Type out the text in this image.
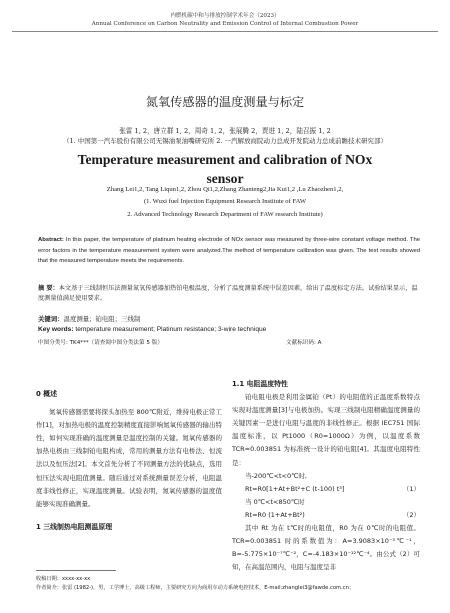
内燃机碳中和与排放控制学术年会（2023）
Annual Conference on Carbon Neutrality and Emission Control of Internal Combustion Power
氮氧传感器的温度测量与标定
张雷 1, 2，唐立群 1, 2，周奇 1, 2，张展腾 2，贾进 1, 2，陆召振 1, 2
（1. 中国第一汽车股份有限公司无锡油泵油嘴研究所 2. 一汽解放商院动力总成开发院动力总成前瞻技术研究部）
Temperature measurement and calibration of NOx
sensor
Zhang Lei1,2, Tang Liqun1,2, Zhou Qi1,2,Zhang Zhanteng2,Jia Kui1,2 ,Lu Zhaozhen1,2,
(1. Wuxi fuel Injection Equipment Research Institute of FAW
2. Advanced Technology Research Department of FAW research Institute)
Abstract: In this paper, the temperature of platinum heating electrode of NOx sensor was measured by three-wire constant voltage method. The error factors in the temperature measurement system were analyzed.The method of temperature calibration was given. The test results showed that the measured temperature meets the requirements.
摘 要：本文基于三线制恒压法测量氮氧传感器加热铂电极温度，分析了温度测量系统中误差因素，给出了温度标定方法。试验结果显示，温度测量值满足使用要求。
关键词：温度测量；铂电阻；三线制
Key words: temperature measurement; Platinum resistance; 3-wire technique
中图分类号: TK4***（请查阅中图分类法第 5 版）	文献标识码: A
0 概述
氮氧传感器需要将探头加热至 800℃附近，维持电极正常工作[1]，对加热电极的温度控制精度直接影响氮氧传感器的输出特性，如何实现准确的温度测量是温度控制的关键。氮氧传感器的加热电极由三线制铂电阻构成，常用的测量方法有电桥法、恒流法以及恒压法[2]。本文首先分析了不同测量方法的优缺点，选用恒压法实现电阻值测量。随后通过对系统测量误差分析，电阻温度非线性修正，实现温度测量。试验表明，氮氧传感器的温度值能够实现准确测量。
1 三线制热电阻测温原理
1.1 电阻温度特性
铂电阻电极是利用金属铂（Pt）的电阻值的正温度系数特点实现对温度测量[3]与电极加热。实现三线制电阻精确温度测量的关键因素一是进行电阻与温度的非线性修正。根据 IEC751 国际温度标准，以 Pt1000（R0=1000Ω）为例，以温度系数 TCR=0.003851 为标准统一设计的铂电阻[4]。其温度电阻特性是：
当-200℃<t<0℃时,
Rt=R0[1+At+Bt²+C (t-100) t³]	（1）
当 0℃<t<850℃时
Rt=R0 (1+At+Bt²)	（2）
其中 Rt 为在 t℃时的电阻值，R0 为在 0℃时的电阻值。TCR=0.003851 时的系数值为：A=3.9083×10⁻³℃⁻¹，B=-5.775×10⁻⁷℃⁻²，C=-4.183×10⁻¹²℃⁻⁴。由公式（2）可知，在高温范围内，电阻与温度呈非
收稿日期：xxxx-xx-xx
作者简介：张雷 (1982-)，男，工学博士，高级工程师，主要研究方向为商用车动力系统电控技术，E-mail:zhanglei3@fawde.com.cn；
